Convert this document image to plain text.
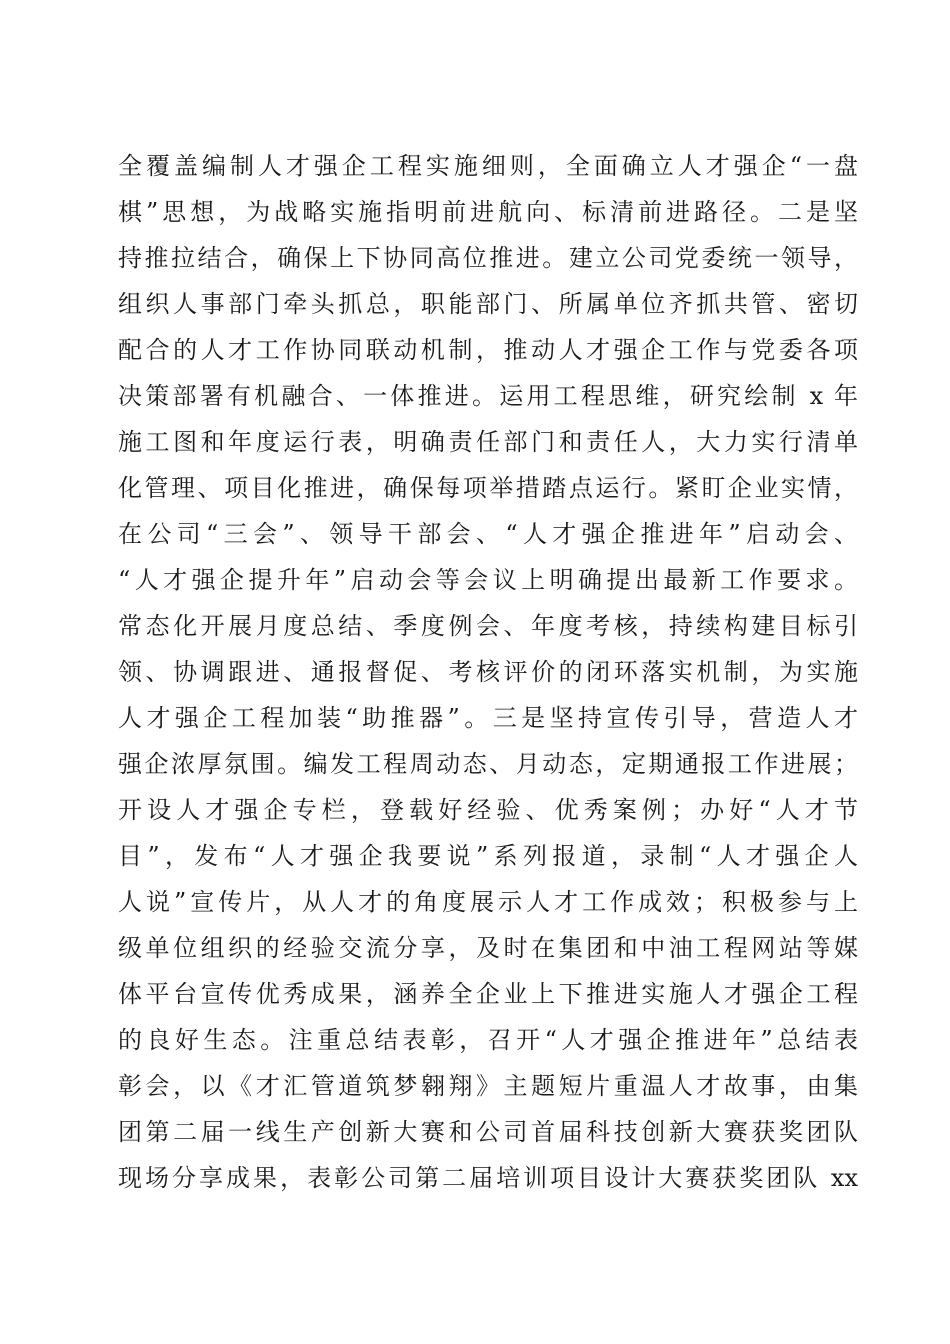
全覆盖编制人才强企工程实施细则，全面确立人才强企“一盘
棋”思想，为战略实施指明前进航向、标清前进路径。二是坚
持推拉结合，确保上下协同高位推进。建立公司党委统一领导，
组织人事部门牵头抓总，职能部门、所属单位齐抓共管、密切
配合的人才工作协同联动机制，推动人才强企工作与党委各项
决策部署有机融合、一体推进。运用工程思维，研究绘制 x 年
施工图和年度运行表，明确责任部门和责任人，大力实行清单
化管理、项目化推进，确保每项举措踏点运行。紧盯企业实情，
在公司“三会”、领导干部会、“人才强企推进年”启动会、
“人才强企提升年”启动会等会议上明确提出最新工作要求。
常态化开展月度总结、季度例会、年度考核，持续构建目标引
领、协调跟进、通报督促、考核评价的闭环落实机制，为实施
人才强企工程加装“助推器”。三是坚持宣传引导，营造人才
强企浓厚氛围。编发工程周动态、月动态，定期通报工作进展；
开设人才强企专栏，登载好经验、优秀案例；办好“人才节
目”，发布“人才强企我要说”系列报道，录制“人才强企人
人说”宣传片，从人才的角度展示人才工作成效；积极参与上
级单位组织的经验交流分享，及时在集团和中油工程网站等媒
体平台宣传优秀成果，涵养全企业上下推进实施人才强企工程
的良好生态。注重总结表彰，召开“人才强企推进年”总结表
彰会，以《才汇管道筑梦翱翔》主题短片重温人才故事，由集
团第二届一线生产创新大赛和公司首届科技创新大赛获奖团队
现场分享成果，表彰公司第二届培训项目设计大赛获奖团队 xx
